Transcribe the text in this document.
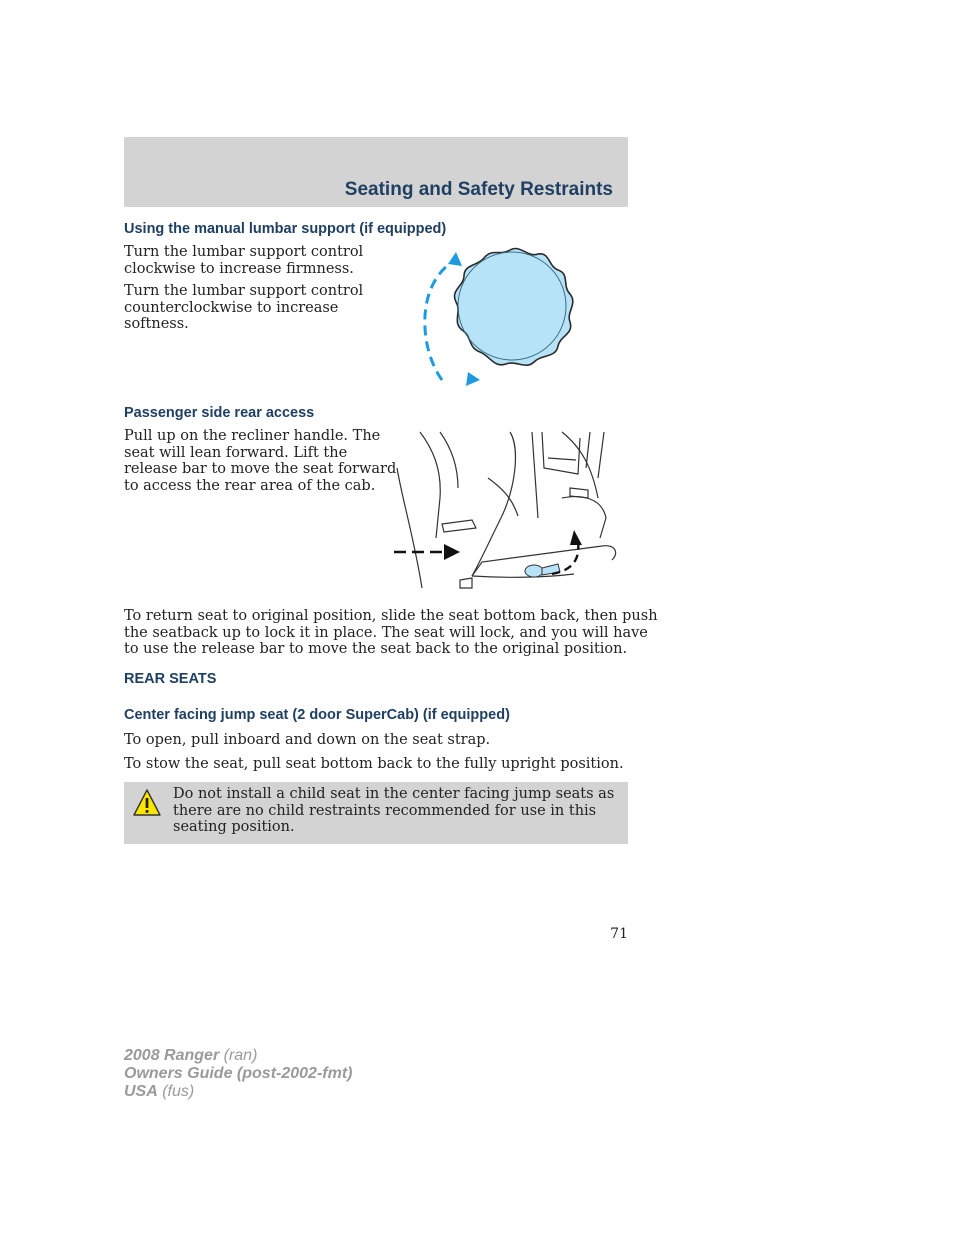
Seating and Safety Restraints
Using the manual lumbar support (if equipped)
Turn the lumbar support control
clockwise to increase firmness.
Turn the lumbar support control
counterclockwise to increase
softness.
Passenger side rear access
Pull up on the recliner handle. The
seat will lean forward. Lift the
release bar to move the seat forward
to access the rear area of the cab.
To return seat to original position, slide the seat bottom back, then push
the seatback up to lock it in place. The seat will lock, and you will have
to use the release bar to move the seat back to the original position.
REAR SEATS
Center facing jump seat (2 door SuperCab) (if equipped)
To open, pull inboard and down on the seat strap.
To stow the seat, pull seat bottom back to the fully upright position.
Do not install a child seat in the center facing jump seats as there are no child restraints recommended for use in this seating position.
71
2008 Ranger (ran)
Owners Guide (post-2002-fmt)
USA (fus)
